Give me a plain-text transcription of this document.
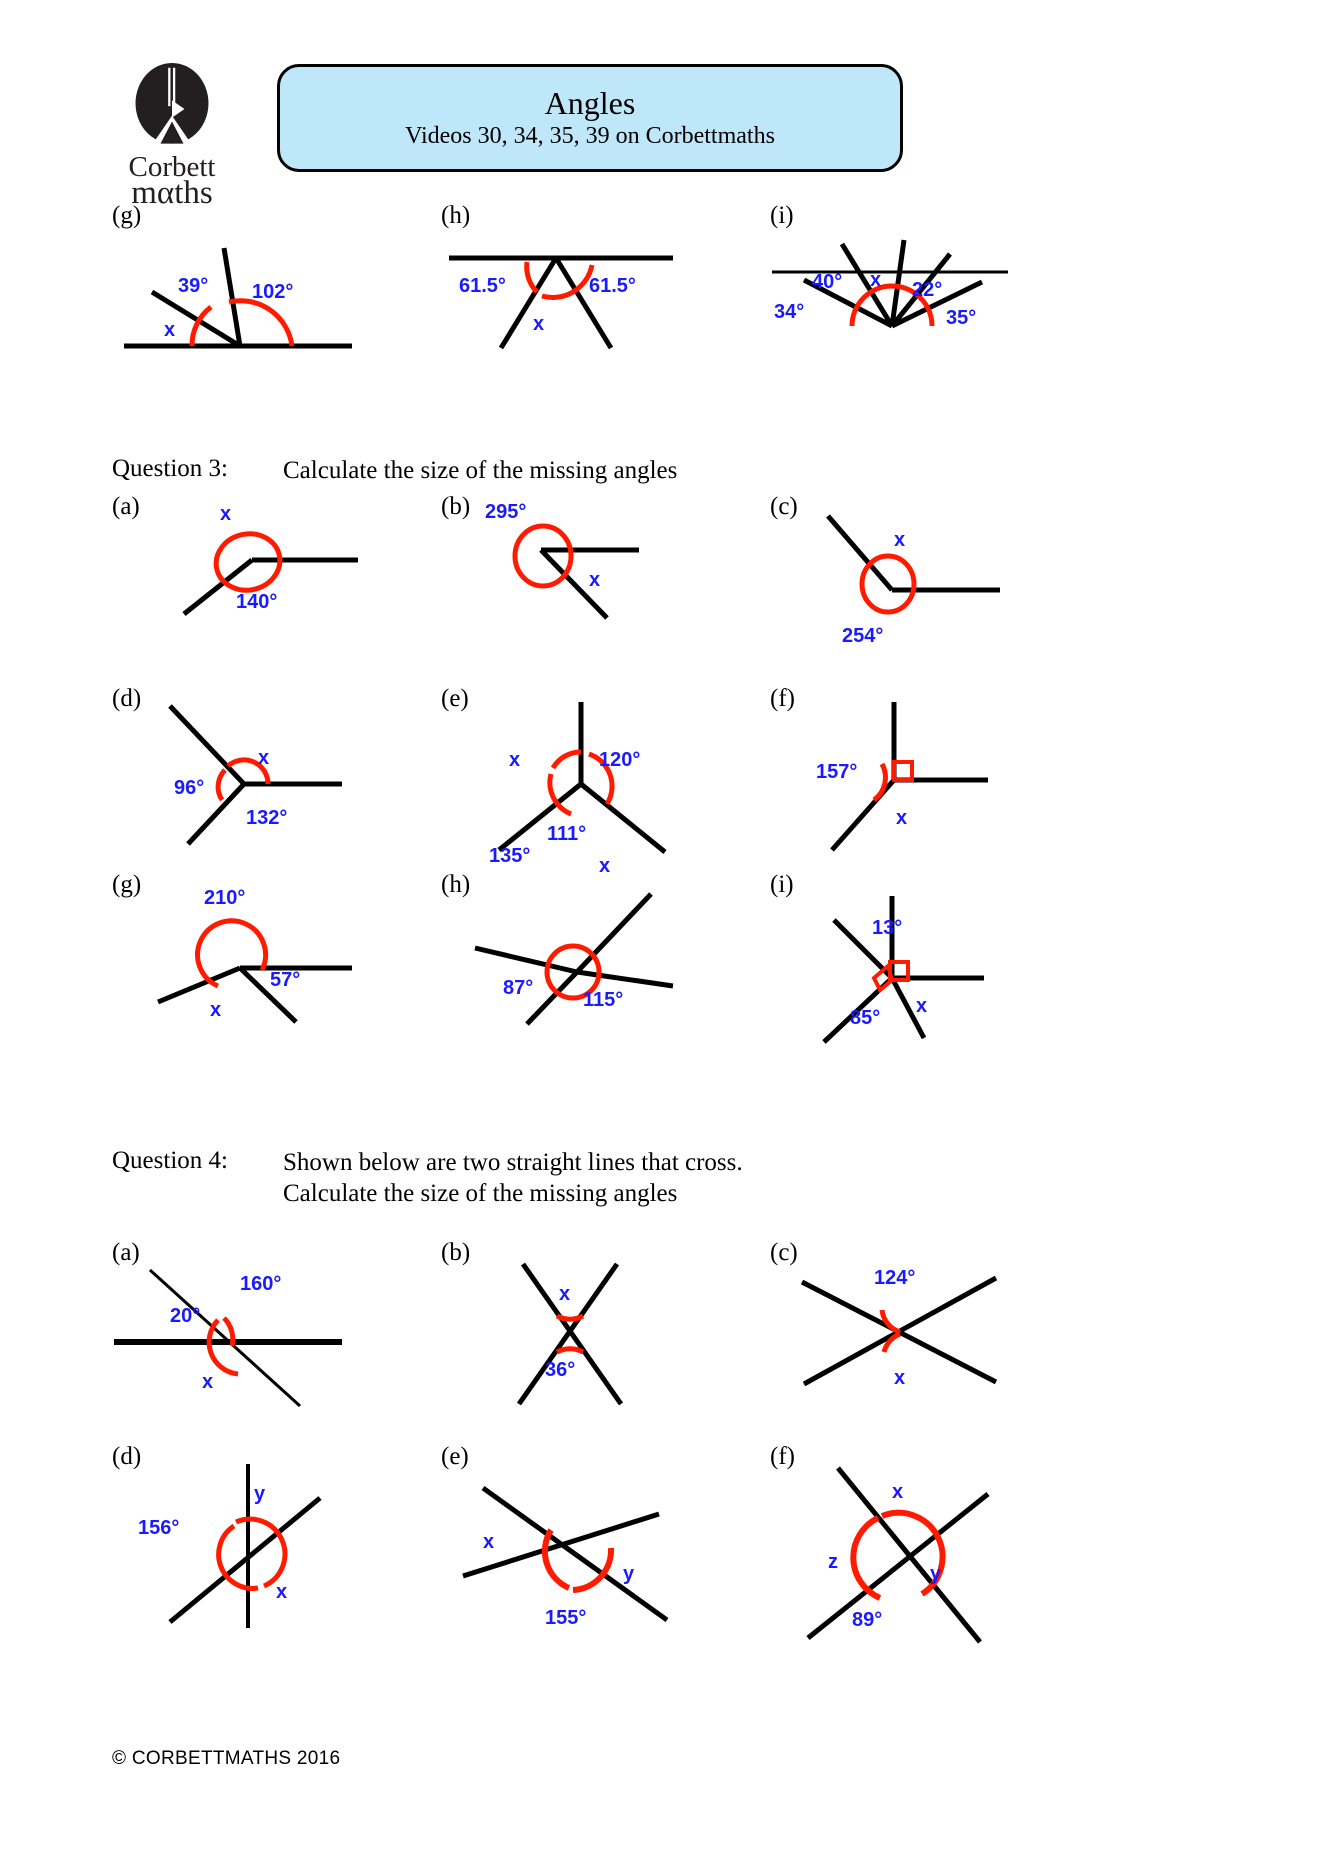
Corbett
mαths
Angles
Videos 30, 34, 35, 39 on Corbettmaths
(g)
39° 102°
x
(h)
61.5°	61.5°
x
(i)
40° x 22°
34°	35°
Question 3: Calculate the size of the missing angles
(a)	x
140°
(b) 295°
x
(c)
x
254°
(d)
x
96°
132°
(e)
x	120°
111°
(f)
157°
x
(g)	210°
57°
x
(h)
135°	x
87°
115°
(i)
13°
x
85°
Question 4: Shown below are two straight lines that cross.
Calculate the size of the missing angles
(a)
160°
20°
x
(b)
x
36°
(c)
124°
x
(d)
y
156°
x
(e)
x
y
155°
(f)
x
z
y
89°
© CORBETTMATHS 2016
